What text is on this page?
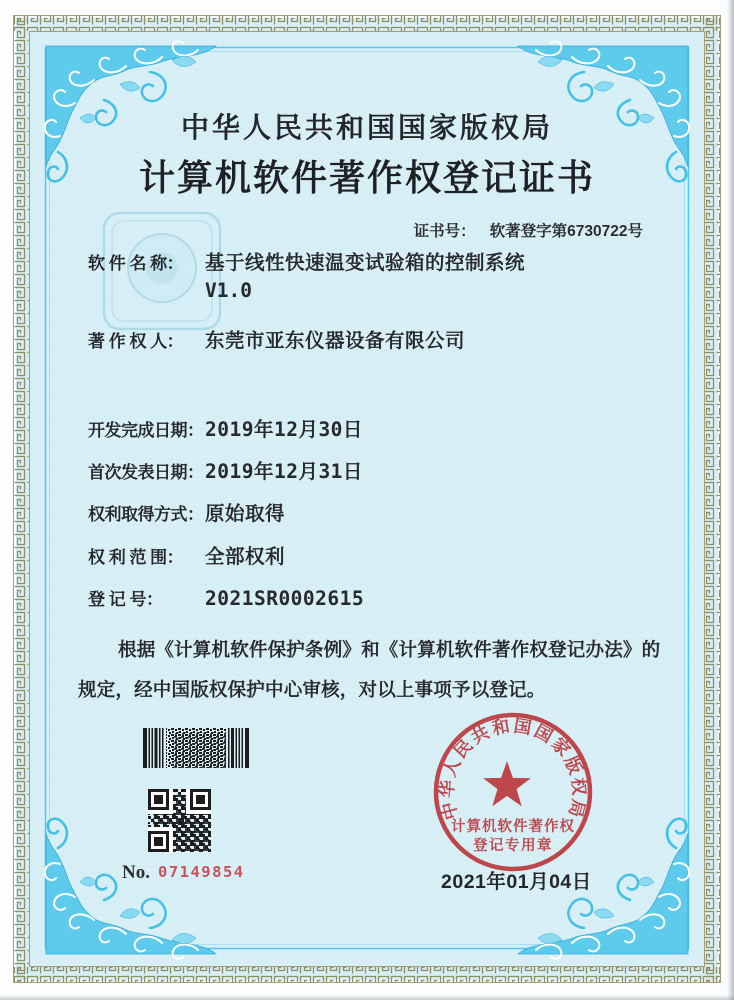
中华人民共和国国家版权局
计算机软件著作权登记证书
证书号： 软著登字第6730722号
软 件 名 称： 基于线性快速温变试验箱的控制系统
V1.0
著 作 权 人： 东莞市亚东仪器设备有限公司
开发完成日期：2019年12月30日
首次发表日期：2019年12月31日
权利取得方式：原始取得
权 利 范 围： 全部权利
登 记 号： 2021SR0002615
根据《计算机软件保护条例》和《计算机软件著作权登记办法》的
规定，经中国版权保护中心审核，对以上事项予以登记。
No. 07149854
中华人民共和国国家版权局
计算机软件著作权
登记专用章
2021年01月04日
